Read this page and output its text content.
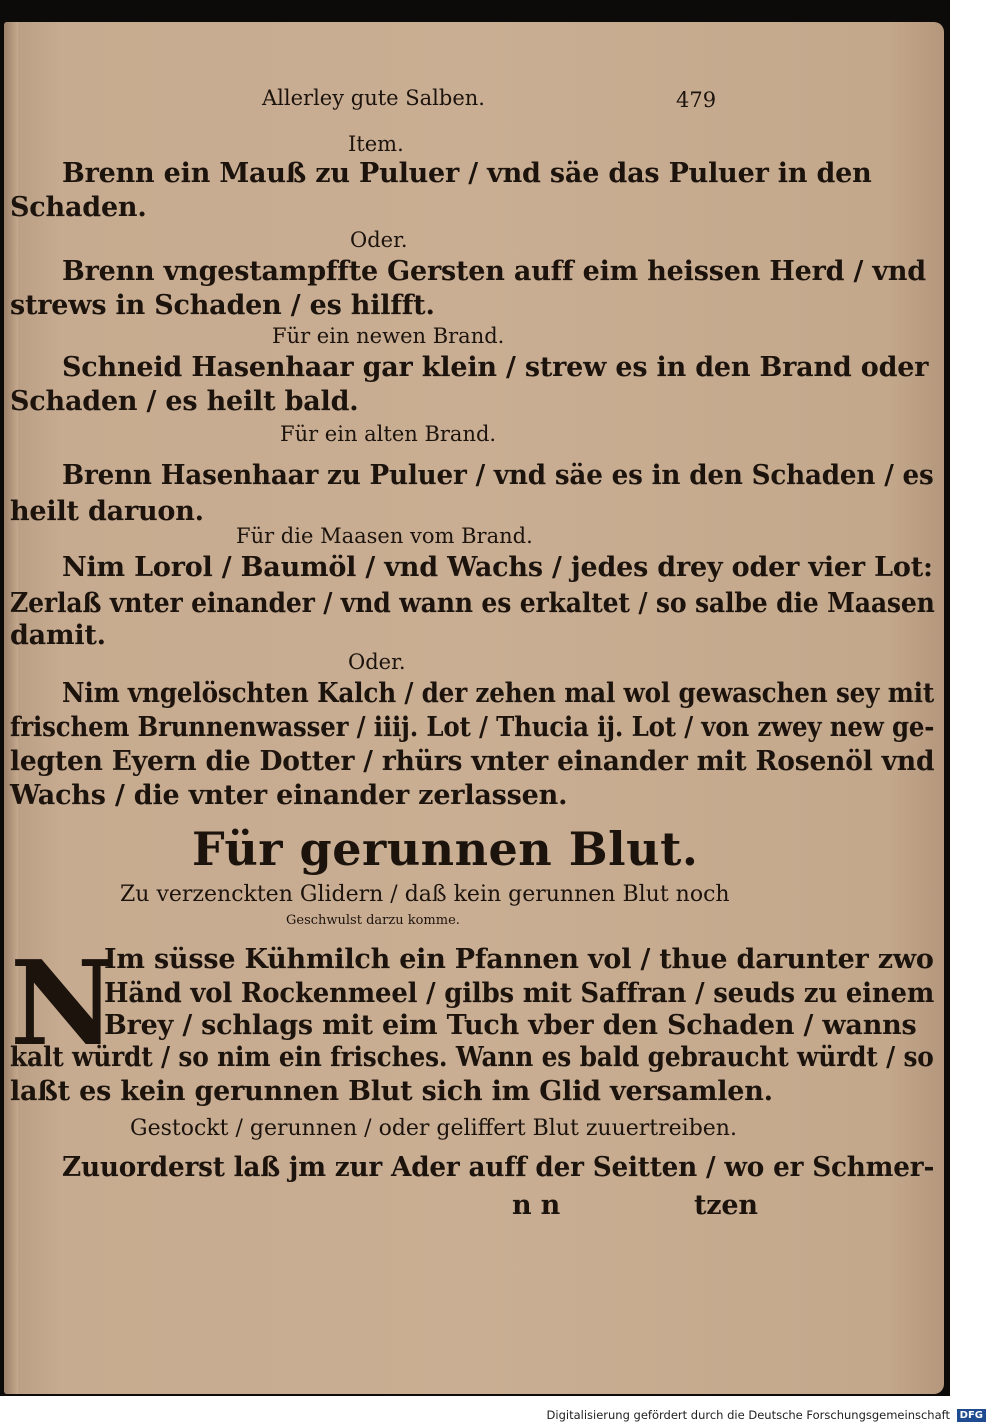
Allerley gute Salben.	479
Item.
Brenn ein Mauß zu Puluer / vnd säe das Puluer in den
Schaden.
Oder.
Brenn vngestampffte Gersten auff eim heissen Herd / vnd
strews in Schaden / es hilfft.
Für ein newen Brand.
Schneid Hasenhaar gar klein / strew es in den Brand oder
Schaden / es heilt bald.
Für ein alten Brand.
Brenn Hasenhaar zu Puluer / vnd säe es in den Schaden / es
heilt daruon.
Für die Maasen vom Brand.
Nim Lorol / Baumöl / vnd Wachs / jedes drey oder vier Lot:
Zerlaß vnter einander / vnd wann es erkaltet / so salbe die Maasen
damit.
Oder.
Nim vngelöschten Kalch / der zehen mal wol gewaschen sey mit
frischem Brunnenwasser / iiij. Lot / Thucia ij. Lot / von zwey new ge-
legten Eyern die Dotter / rhürs vnter einander mit Rosenöl vnd
Wachs / die vnter einander zerlassen.
Für gerunnen Blut.
Zu verzenckten Glidern / daß kein gerunnen Blut noch
Geschwulst darzu komme.
N
Im süsse Kühmilch ein Pfannen vol / thue darunter zwo
Händ vol Rockenmeel / gilbs mit Saffran / seuds zu einem
Brey / schlags mit eim Tuch vber den Schaden / wanns
kalt würdt / so nim ein frisches. Wann es bald gebraucht würdt / so
laßt es kein gerunnen Blut sich im Glid versamlen.
Gestockt / gerunnen / oder geliffert Blut zuuertreiben.
Zuuorderst laß jm zur Ader auff der Seitten / wo er Schmer-
n n	tzen
Digitalisierung gefördert durch die Deutsche Forschungsgemeinschaft DFG
